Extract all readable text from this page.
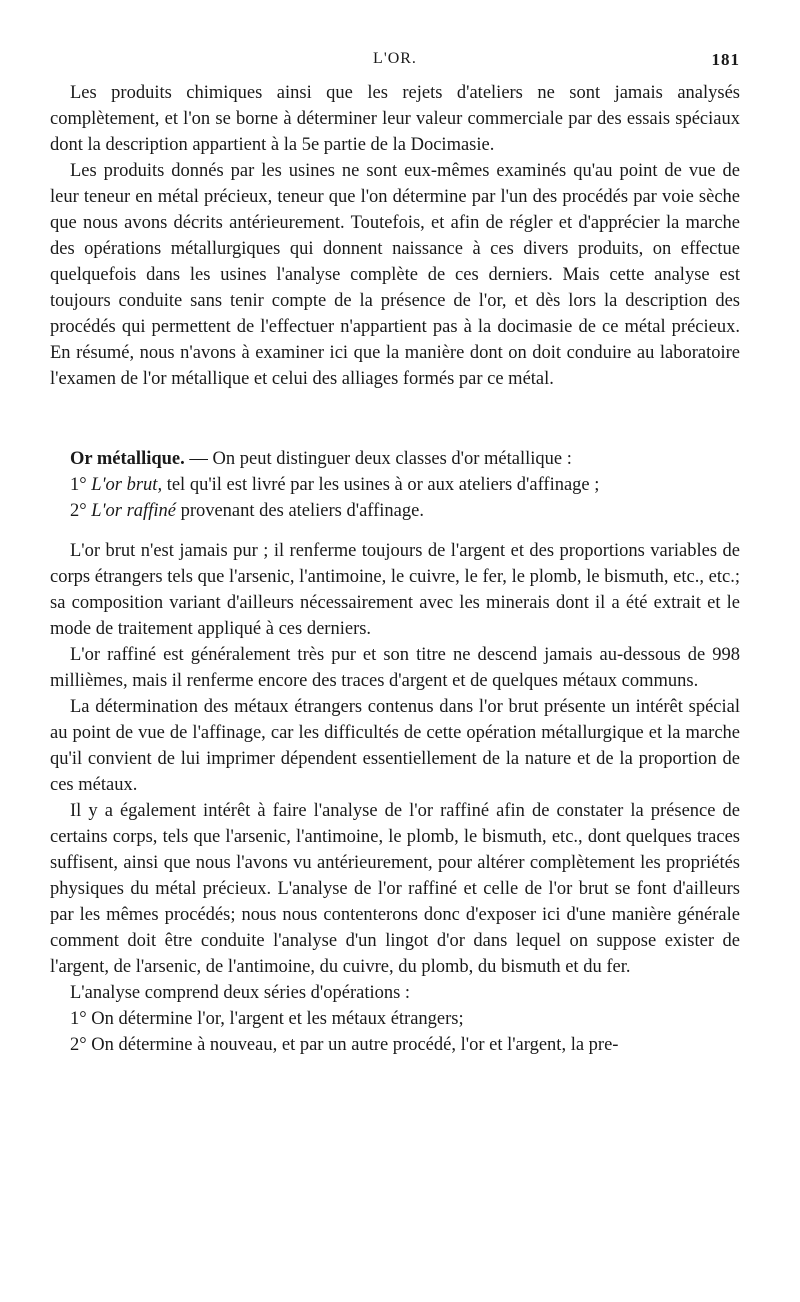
L'OR.	181

Les produits chimiques ainsi que les rejets d'ateliers ne sont jamais analysés complètement, et l'on se borne à déterminer leur valeur commerciale par des essais spéciaux dont la description appartient à la 5e partie de la Docimasie.

Les produits donnés par les usines ne sont eux-mêmes examinés qu'au point de vue de leur teneur en métal précieux, teneur que l'on détermine par l'un des procédés par voie sèche que nous avons décrits antérieurement. Toutefois, et afin de régler et d'apprécier la marche des opérations métallurgiques qui donnent naissance à ces divers produits, on effectue quelquefois dans les usines l'analyse complète de ces derniers. Mais cette analyse est toujours conduite sans tenir compte de la présence de l'or, et dès lors la description des procédés qui permettent de l'effectuer n'appartient pas à la docimasie de ce métal précieux. En résumé, nous n'avons à examiner ici que la manière dont on doit conduire au laboratoire l'examen de l'or métallique et celui des alliages formés par ce métal.

Or métallique. — On peut distinguer deux classes d'or métallique :

1° L'or brut, tel qu'il est livré par les usines à or aux ateliers d'affinage ;

2° L'or raffiné provenant des ateliers d'affinage.

L'or brut n'est jamais pur ; il renferme toujours de l'argent et des proportions variables de corps étrangers tels que l'arsenic, l'antimoine, le cuivre, le fer, le plomb, le bismuth, etc., etc.; sa composition variant d'ailleurs nécessairement avec les minerais dont il a été extrait et le mode de traitement appliqué à ces derniers.

L'or raffiné est généralement très pur et son titre ne descend jamais au-dessous de 998 millièmes, mais il renferme encore des traces d'argent et de quelques métaux communs.

La détermination des métaux étrangers contenus dans l'or brut présente un intérêt spécial au point de vue de l'affinage, car les difficultés de cette opération métallurgique et la marche qu'il convient de lui imprimer dépendent essentiellement de la nature et de la proportion de ces métaux.

Il y a également intérêt à faire l'analyse de l'or raffiné afin de constater la présence de certains corps, tels que l'arsenic, l'antimoine, le plomb, le bismuth, etc., dont quelques traces suffisent, ainsi que nous l'avons vu antérieurement, pour altérer complètement les propriétés physiques du métal précieux. L'analyse de l'or raffiné et celle de l'or brut se font d'ailleurs par les mêmes procédés; nous nous contenterons donc d'exposer ici d'une manière générale comment doit être conduite l'analyse d'un lingot d'or dans lequel on suppose exister de l'argent, de l'arsenic, de l'antimoine, du cuivre, du plomb, du bismuth et du fer.

L'analyse comprend deux séries d'opérations :

1° On détermine l'or, l'argent et les métaux étrangers;

2° On détermine à nouveau, et par un autre procédé, l'or et l'argent, la pre-
